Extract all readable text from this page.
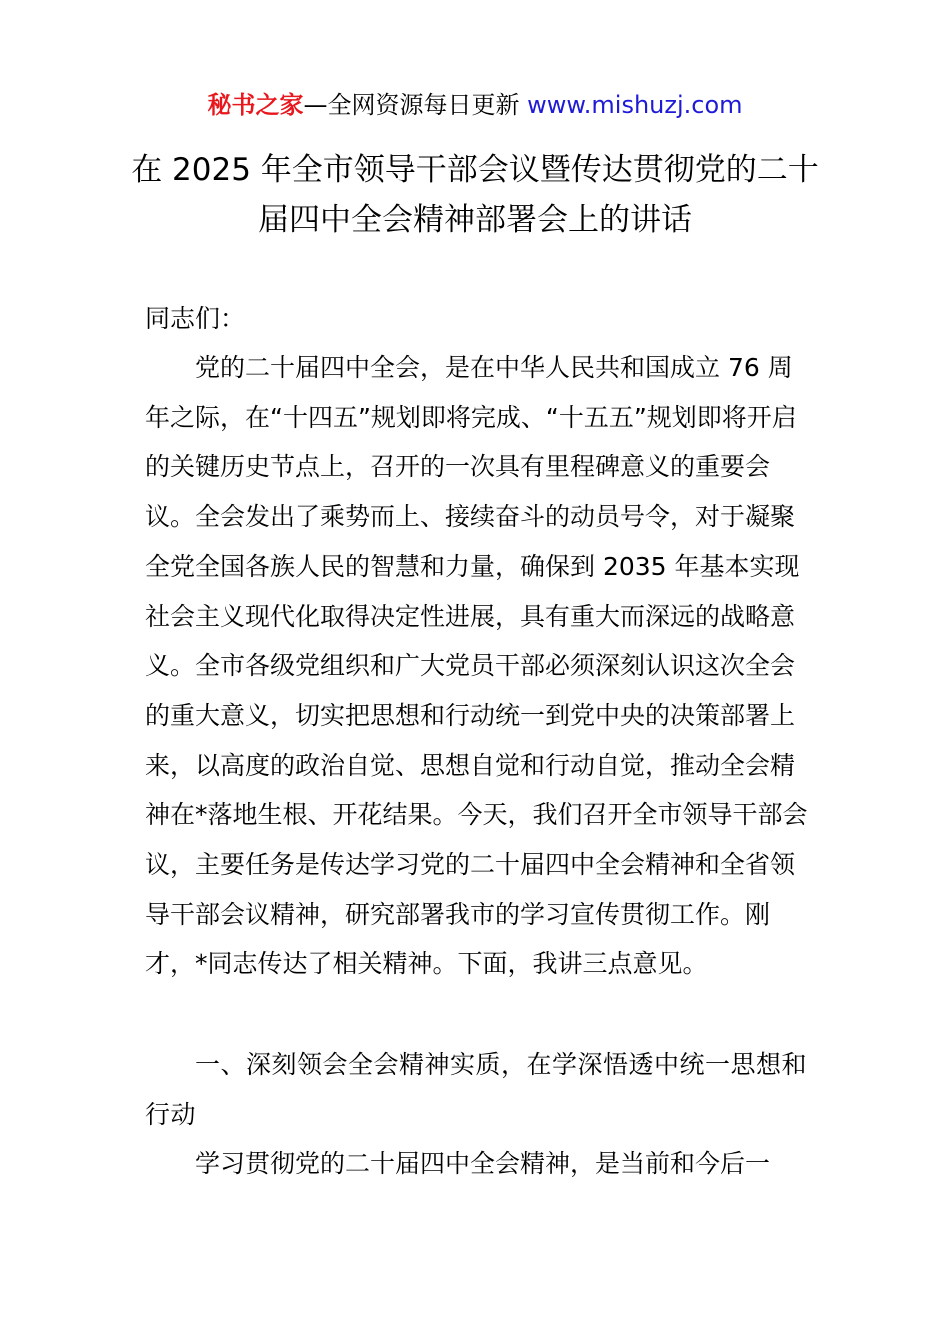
秘书之家—全网资源每日更新 www.mishuzj.com
在 2025 年全市领导干部会议暨传达贯彻党的二十届四中全会精神部署会上的讲话
同志们：
党的二十届四中全会，是在中华人民共和国成立 76 周年之际，在“十四五”规划即将完成、“十五五”规划即将开启的关键历史节点上，召开的一次具有里程碑意义的重要会议。全会发出了乘势而上、接续奋斗的动员号令，对于凝聚全党全国各族人民的智慧和力量，确保到 2035 年基本实现社会主义现代化取得决定性进展，具有重大而深远的战略意义。全市各级党组织和广大党员干部必须深刻认识这次全会的重大意义，切实把思想和行动统一到党中央的决策部署上来，以高度的政治自觉、思想自觉和行动自觉，推动全会精神在*落地生根、开花结果。今天，我们召开全市领导干部会议，主要任务是传达学习党的二十届四中全会精神和全省领导干部会议精神，研究部署我市的学习宣传贯彻工作。刚才，*同志传达了相关精神。下面，我讲三点意见。
一、深刻领会全会精神实质，在学深悟透中统一思想和行动
学习贯彻党的二十届四中全会精神，是当前和今后一
